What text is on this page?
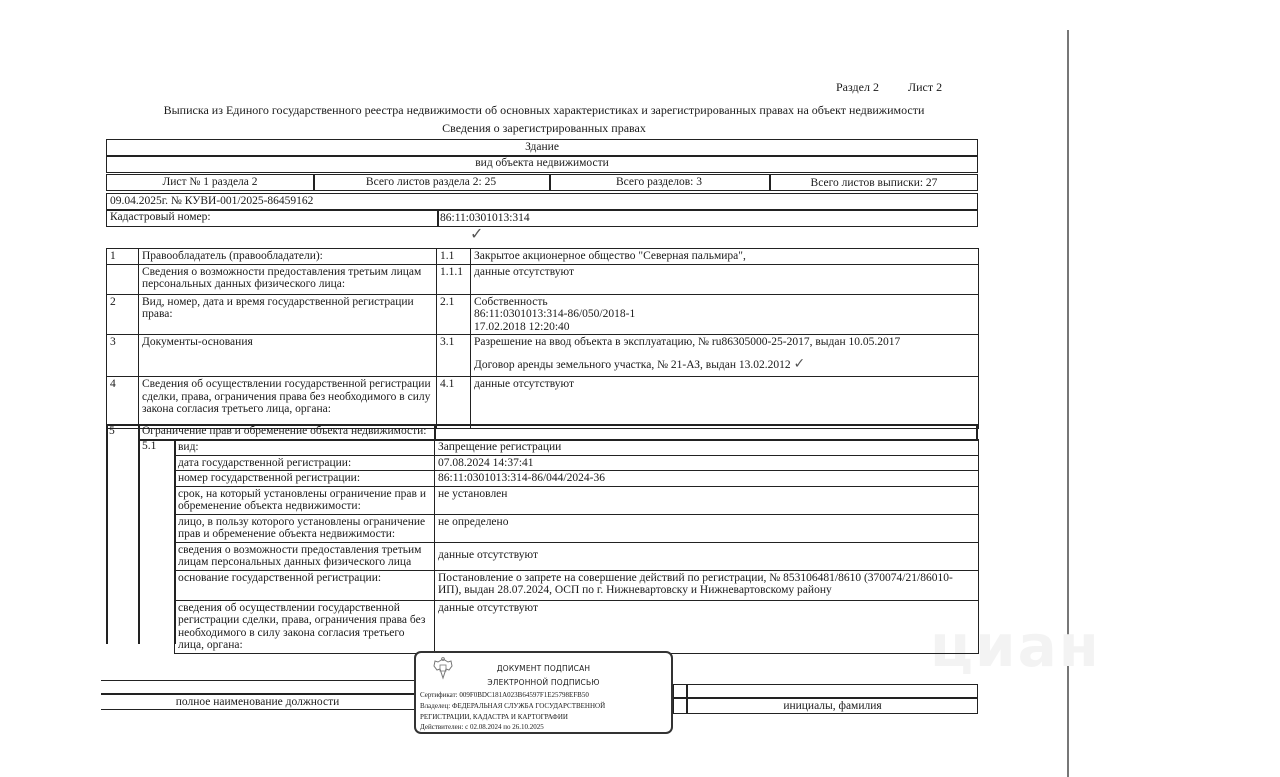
циан
Раздел 2 Лист 2
Выписка из Единого государственного реестра недвижимости об основных характеристиках и зарегистрированных правах на объект недвижимости
Сведения о зарегистрированных правах
Здание
вид объекта недвижимости
Лист № 1 раздела 2	Всего листов раздела 2: 25	Всего разделов: 3	Всего листов выписки: 27
09.04.2025г. № КУВИ-001/2025-86459162
Кадастровый номер:	86:11:0301013:314
✓
1	Правообладатель (правообладатели):	1.1	Закрытое акционерное общество "Северная пальмира",
	Сведения о возможности предоставления третьим лицам персональных данных физического лица:	1.1.1	данные отсутствуют
2	Вид, номер, дата и время государственной регистрации права:	2.1	Собственность
86:11:0301013:314-86/050/2018-1
17.02.2018 12:20:40

3	Документы-основания	3.1	Разрешение на ввод объекта в эксплуатацию, № ru86305000-25-2017, выдан 10.05.2017
Договор аренды земельного участка, № 21-АЗ, выдан 13.02.2012 ✓

4	Сведения об осуществлении государственной регистрации сделки, права, ограничения права без необходимого в силу закона согласия третьего лица, органа:	4.1	данные отсутствуют
5 Ограничение прав и обременение объекта недвижимости:
5.1 вид:	Запрещение регистрации
дата государственной регистрации:	07.08.2024 14:37:41
номер государственной регистрации:	86:11:0301013:314-86/044/2024-36
срок, на который установлены ограничение прав и обременение объекта недвижимости:	не установлен
лицо, в пользу которого установлены ограничение прав и обременение объекта недвижимости:	не определено
сведения о возможности предоставления третьим лицам персональных данных физического лица	данные отсутствуют
основание государственной регистрации:	Постановление о запрете на совершение действий по регистрации, № 853106481/8610 (370074/21/86010-ИП), выдан 28.07.2024, ОСП по г. Нижневартовску и Нижневартовскому району
сведения об осуществлении государственной регистрации сделки, права, ограничения права без необходимого в силу закона согласия третьего лица, органа:	данные отсутствуют
полное наименование должности	инициалы, фамилия
ДОКУМЕНТ ПОДПИСАН
ЭЛЕКТРОННОЙ ПОДПИСЬЮ
Сертификат: 009F0BDC181A023B64597F1E25798EFB50
Владелец: ФЕДЕРАЛЬНАЯ СЛУЖБА ГОСУДАРСТВЕННОЙ
РЕГИСТРАЦИИ, КАДАСТРА И КАРТОГРАФИИ
Действителен: с 02.08.2024 по 26.10.2025
